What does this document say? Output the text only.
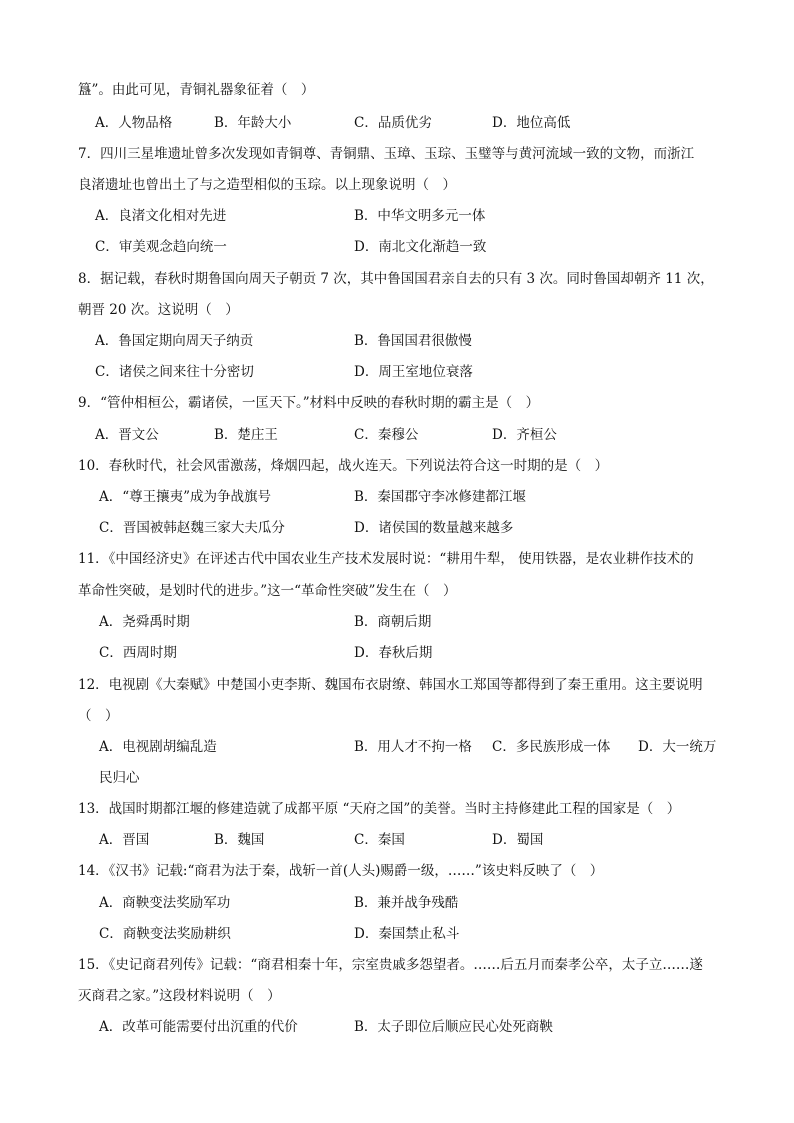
簋”。由此可见，青铜礼器象征着（　）
A．人物品格	B．年龄大小	C．品质优劣	D．地位高低
7．四川三星堆遗址曾多次发现如青铜尊、青铜鼎、玉璋、玉琮、玉璧等与黄河流域一致的文物，而浙江
良渚遗址也曾出土了与之造型相似的玉琮。以上现象说明（　）
A．良渚文化相对先进	B．中华文明多元一体
C．审美观念趋向统一	D．南北文化渐趋一致
8．据记载，春秋时期鲁国向周天子朝贡 7 次，其中鲁国国君亲自去的只有 3 次。同时鲁国却朝齐 11 次，
朝晋 20 次。这说明（　）
A．鲁国定期向周天子纳贡	B．鲁国国君很傲慢
C．诸侯之间来往十分密切	D．周王室地位衰落
9．“管仲相桓公，霸诸侯，一匡天下。”材料中反映的春秋时期的霸主是（　）
A．晋文公	B．楚庄王	C．秦穆公	D．齐桓公
10．春秋时代，社会风雷激荡，烽烟四起，战火连天。下列说法符合这一时期的是（　）
A．“尊王攘夷”成为争战旗号	B．秦国郡守李冰修建都江堰
C．晋国被韩赵魏三家大夫瓜分	D．诸侯国的数量越来越多
11．《中国经济史》在评述古代中国农业生产技术发展时说：“耕用牛犁， 使用铁器，是农业耕作技术的
革命性突破，是划时代的进步。”这一“革命性突破”发生在（　）
A．尧舜禹时期	B．商朝后期
C．西周时期	D．春秋后期
12．电视剧《大秦赋》中楚国小吏李斯、魏国布衣尉缭、韩国水工郑国等都得到了秦王重用。这主要说明
（　）
A．电视剧胡编乱造	B．用人才不拘一格 C．多民族形成一体 D．大一统万
民归心
13．战国时期都江堰的修建造就了成都平原 “天府之国”的美誉。当时主持修建此工程的国家是（　）
A．晋国	B．魏国	C．秦国	D．蜀国
14．《汉书》记载:“商君为法于秦，战斩一首(人头)赐爵一级，……”该史料反映了（　）
A．商鞅变法奖励军功	B．兼并战争残酷
C．商鞅变法奖励耕织	D．秦国禁止私斗
15．《史记商君列传》记载：“商君相秦十年，宗室贵戚多怨望者。……后五月而秦孝公卒，太子立……遂
灭商君之家。”这段材料说明（　）
A．改革可能需要付出沉重的代价	B．太子即位后顺应民心处死商鞅
